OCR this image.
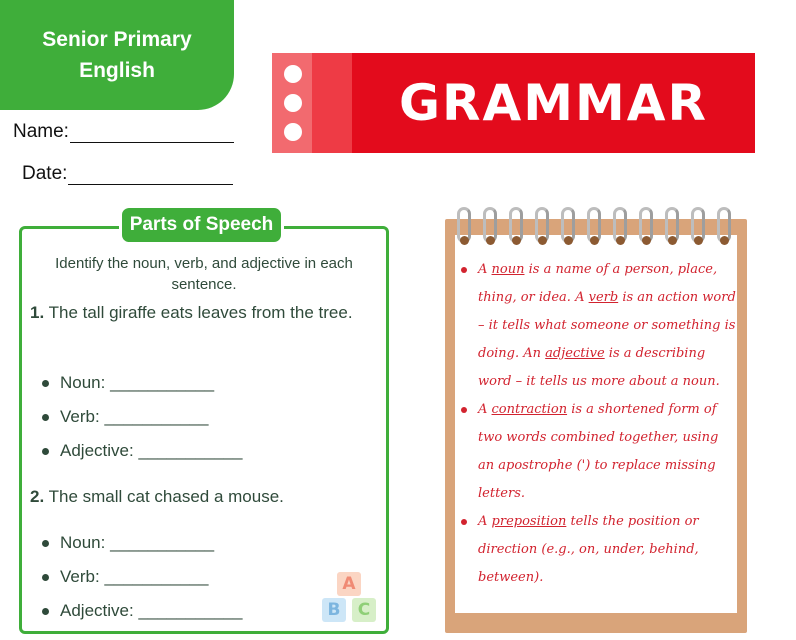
Senior Primary
English
GRAMMAR
Name:
Date:
Parts of Speech
Identify the noun, verb, and adjective in each sentence.
1. The tall giraffe eats leaves from the tree.
Noun: ___________
Verb: ___________
Adjective: ___________
2. The small cat chased a mouse.
Noun: ___________
Verb: ___________
Adjective: ___________
A
B	C
A noun is a name of a person, place, thing, or idea. A verb is an action word – it tells what someone or something is doing. An adjective is a describing word – it tells us more about a noun.
A contraction is a shortened form of two words combined together, using an apostrophe (') to replace missing letters.
A preposition tells the position or direction (e.g., on, under, behind, between).
